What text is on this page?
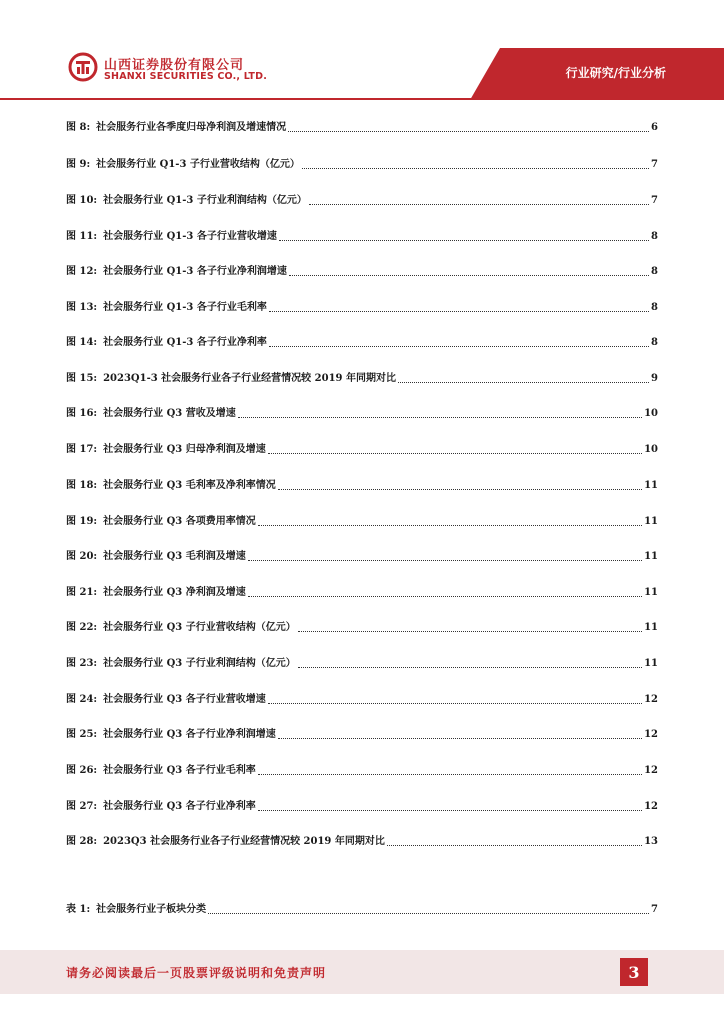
山西证券股份有限公司
SHANXI SECURITIES CO., LTD.	行业研究/行业分析
图 8: 社会服务行业各季度归母净利润及增速情况	6
图 9: 社会服务行业 Q1-3 子行业营收结构（亿元）	7
图 10: 社会服务行业 Q1-3 子行业利润结构（亿元）	7
图 11: 社会服务行业 Q1-3 各子行业营收增速	8
图 12: 社会服务行业 Q1-3 各子行业净利润增速	8
图 13: 社会服务行业 Q1-3 各子行业毛利率	8
图 14: 社会服务行业 Q1-3 各子行业净利率	8
图 15: 2023Q1-3 社会服务行业各子行业经营情况较 2019 年同期对比	9
图 16: 社会服务行业 Q3 营收及增速	10
图 17: 社会服务行业 Q3 归母净利润及增速	10
图 18: 社会服务行业 Q3 毛利率及净利率情况	11
图 19: 社会服务行业 Q3 各项费用率情况	11
图 20: 社会服务行业 Q3 毛利润及增速	11
图 21: 社会服务行业 Q3 净利润及增速	11
图 22: 社会服务行业 Q3 子行业营收结构（亿元）	11
图 23: 社会服务行业 Q3 子行业利润结构（亿元）	11
图 24: 社会服务行业 Q3 各子行业营收增速	12
图 25: 社会服务行业 Q3 各子行业净利润增速	12
图 26: 社会服务行业 Q3 各子行业毛利率	12
图 27: 社会服务行业 Q3 各子行业净利率	12
图 28: 2023Q3 社会服务行业各子行业经营情况较 2019 年同期对比	13
表 1: 社会服务行业子板块分类	7
请务必阅读最后一页股票评级说明和免责声明	3
